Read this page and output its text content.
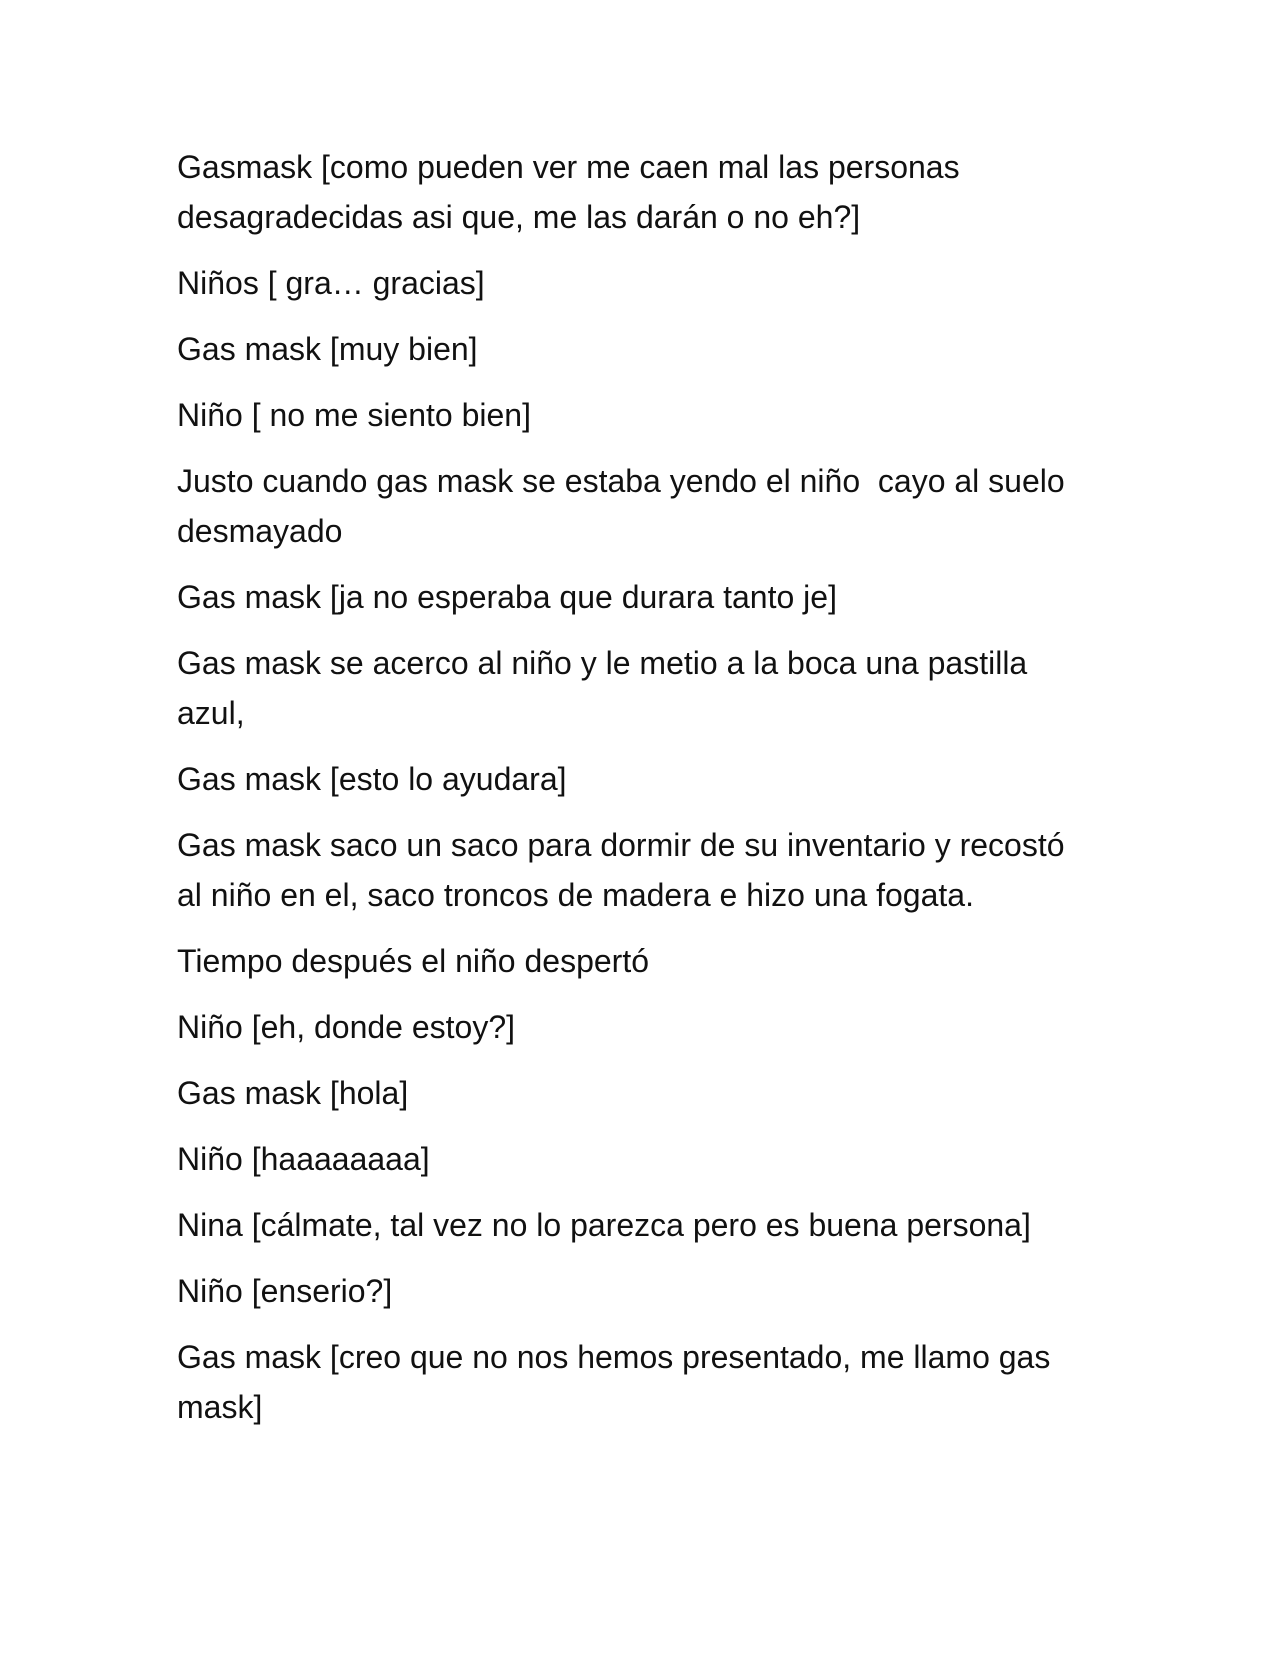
Gasmask [como pueden ver me caen mal las personas desagradecidas asi que, me las darán o no eh?]

Niños [ gra… gracias]

Gas mask [muy bien]

Niño [ no me siento bien]

Justo cuando gas mask se estaba yendo el niño  cayo al suelo desmayado

Gas mask [ja no esperaba que durara tanto je]

Gas mask se acerco al niño y le metio a la boca una pastilla azul,

Gas mask [esto lo ayudara]

Gas mask saco un saco para dormir de su inventario y recostó al niño en el, saco troncos de madera e hizo una fogata.

Tiempo después el niño despertó

Niño [eh, donde estoy?]

Gas mask [hola]

Niño [haaaaaaaa]

Nina [cálmate, tal vez no lo parezca pero es buena persona]

Niño [enserio?]

Gas mask [creo que no nos hemos presentado, me llamo gas mask]
